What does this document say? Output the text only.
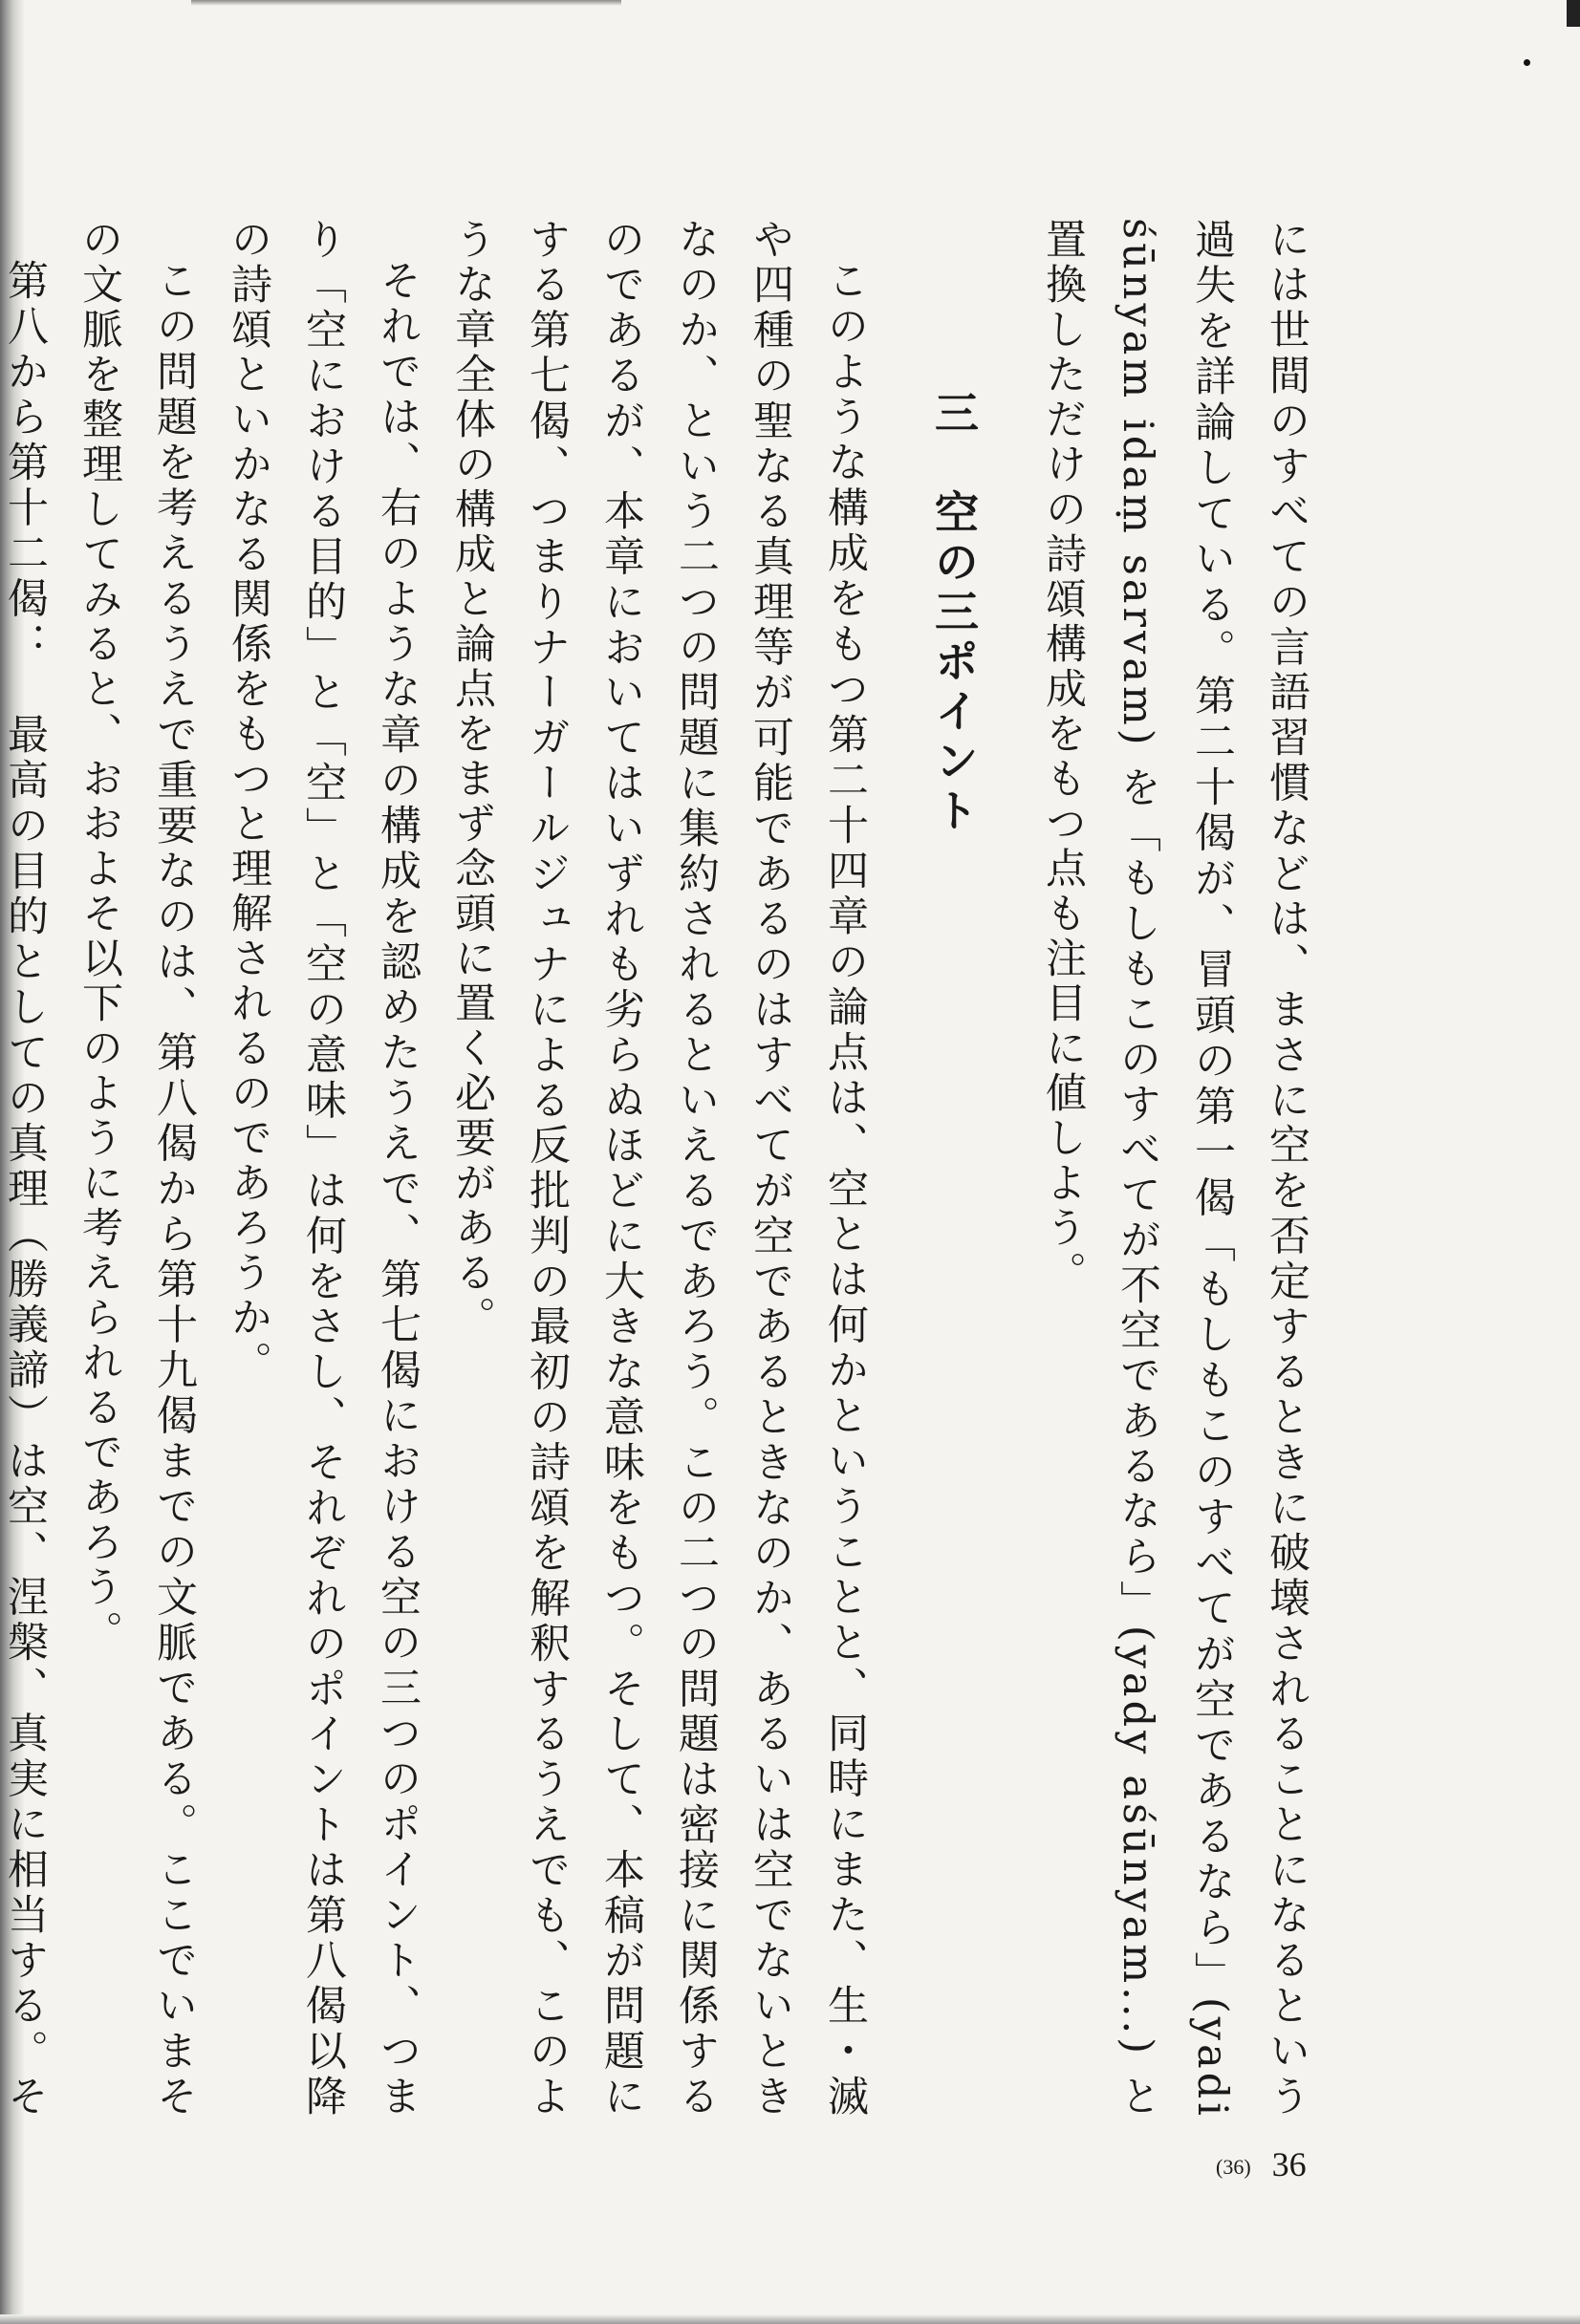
には世間のすべての言語習慣などは、まさに空を否定するときに破壊されることになるという過失を詳論している。第二十偈が、冒頭の第一偈「もしもこのすべてが空であるなら」(yadi śūnyam idaṃ sarvam) を「もしもこのすべてが不空であるなら」(yady aśūnyam...) と置換しただけの詩頌構成をもつ点も注目に値しよう。

三　空の三ポイント

このような構成をもつ第二十四章の論点は、空とは何かということと、同時にまた、生・滅や四種の聖なる真理等が可能であるのはすべてが空であるときなのか、あるいは空でないときなのか、という二つの問題に集約されるといえるであろう。この二つの問題は密接に関係するのであるが、本章においてはいずれも劣らぬほどに大きな意味をもつ。そして、本稿が問題にする第七偈、つまりナーガールジュナによる反批判の最初の詩頌を解釈するうえでも、このような章全体の構成と論点をまず念頭に置く必要がある。

それでは、右のような章の構成を認めたうえで、第七偈における空の三つのポイント、つまり「空における目的」と「空」と「空の意味」は何をさし、それぞれのポイントは第八偈以降の詩頌といかなる関係をもつと理解されるのであろうか。

この問題を考えるうえで重要なのは、第八偈から第十九偈までの文脈である。ここでいまその文脈を整理してみると、おおよそ以下のように考えられるであろう。

第八から第十二偈：　最高の目的としての真理（勝義諦）は空、涅槃、真実に相当する。そ

(36) 36
